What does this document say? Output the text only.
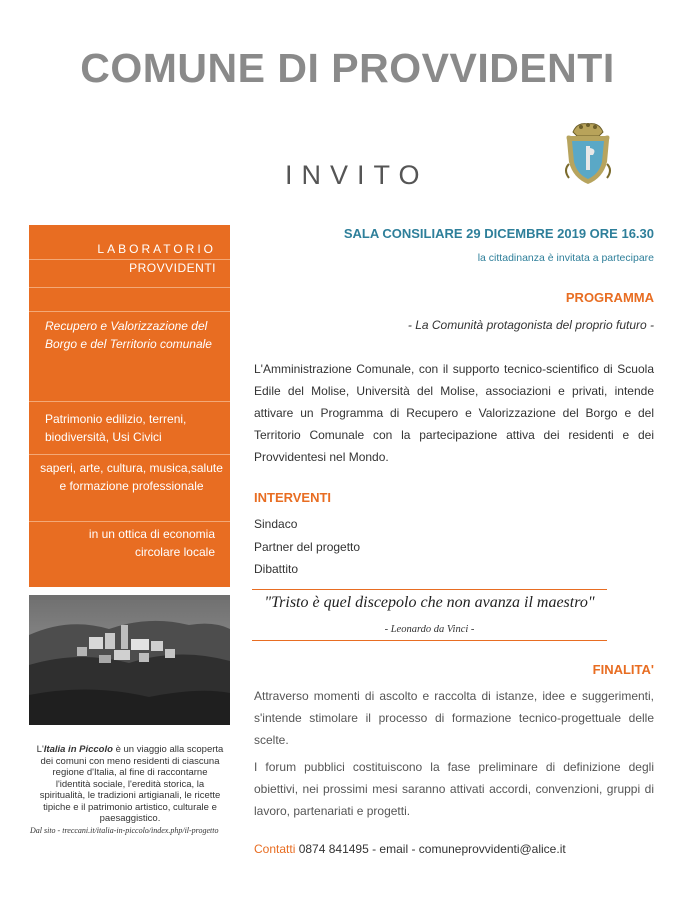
COMUNE DI PROVVIDENTI
INVITO
LABORATORIO
PROVVIDENTI
Recupero e Valorizzazione del Borgo e del Territorio comunale
Patrimonio edilizio, terreni, biodiversità, Usi Civici
saperi, arte, cultura, musica,salute e formazione professionale
in un ottica di economia circolare locale
L'Italia in Piccolo è un viaggio alla scoperta dei comuni con meno residenti di ciascuna regione d'Italia, al fine di raccontarne l'identità sociale, l'eredità storica, la spiritualità, le tradizioni artigianali, le ricette tipiche e il patrimonio artistico, culturale e paesaggistico.
Dal sito - treccani.it/italia-in-piccolo/index.php/il-progetto
SALA CONSILIARE 29 DICEMBRE 2019 ORE 16.30
la cittadinanza è invitata a partecipare
PROGRAMMA
- La Comunità protagonista del proprio futuro -
L'Amministrazione Comunale, con il supporto tecnico-scientifico di Scuola Edile del Molise, Università del Molise, associazioni e privati, intende attivare un Programma di Recupero e Valorizzazione del Borgo e del Territorio Comunale con la partecipazione attiva dei residenti e dei Provvidentesi nel Mondo.
INTERVENTI
Sindaco
Partner del progetto
Dibattito
"Tristo è quel discepolo che non avanza il maestro"
- Leonardo da Vinci -
FINALITA'
Attraverso momenti di ascolto e raccolta di istanze, idee e suggerimenti, s'intende stimolare il processo di formazione tecnico-progettuale delle scelte.
I forum pubblici costituiscono la fase preliminare di definizione degli obiettivi, nei prossimi mesi saranno attivati accordi, convenzioni, gruppi di lavoro, partenariati e progetti.
Contatti 0874 841495 - email - comuneprovvidenti@alice.it
